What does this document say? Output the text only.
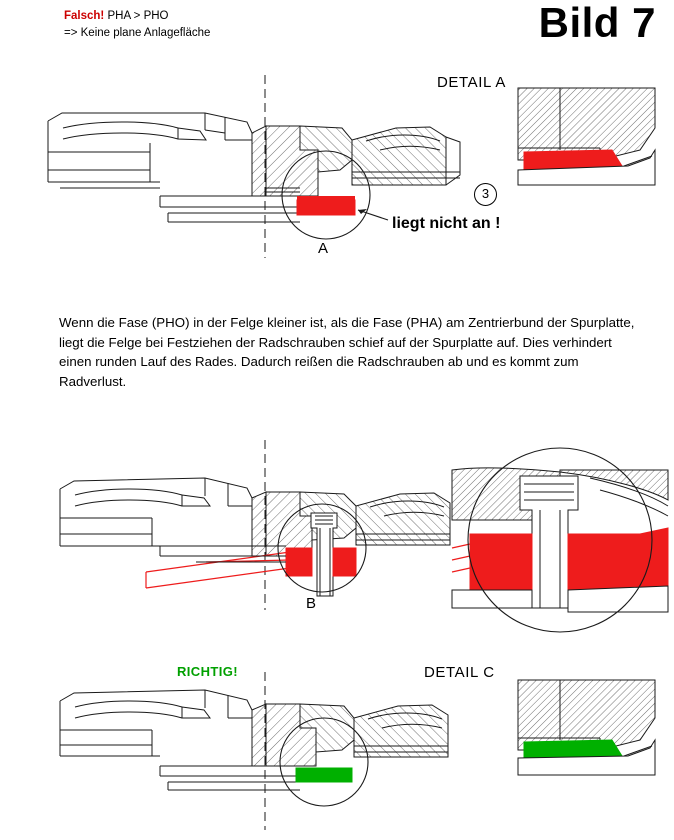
Falsch! PHA > PHO
=> Keine plane Anlagefläche	Bild 7
DETAIL A
liegt nicht an !
A
3

Wenn die Fase (PHO) in der Felge kleiner ist, als die Fase (PHA) am Zentrierbund der Spurplatte, liegt die Felge bei Festziehen der Radschrauben schief auf der Spurplatte auf. Dies verhindert einen runden Lauf des Rades. Dadurch reißen die Radschrauben ab und es kommt zum Radverlust.

B
RICHTIG!	DETAIL C
